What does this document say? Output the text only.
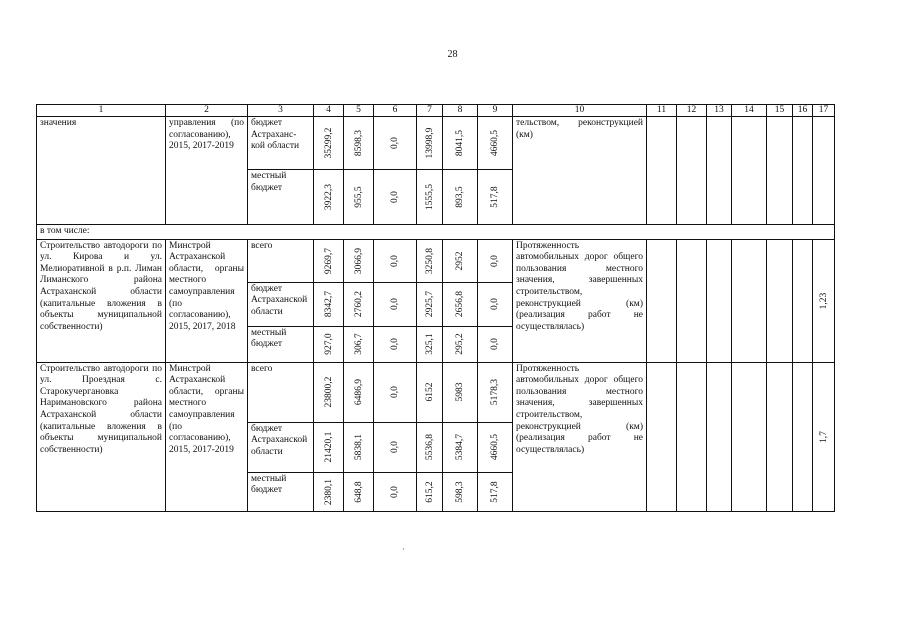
28
1	2	3	4	5	6	7	8	9	10	11	12	13	14	15	16	17
значения	управления (по согласованию), 2015, 2017-2019	бюджет Астраханс-кой области	35299,2	8598,3	0,0	13998,9	8041,5	4660,5	тельством, реконструкцией (км)							
		местный бюджет	3922,3	955,5	0,0	1555,5	893,5	517,8								

в том числе:																
Строительство автодороги по ул. Кирова и ул. Мелиоративной в р.п. Лиман Лиманского района Астраханской области (капитальные вложения в объекты муниципальной собственности)	Минстрой Астраханской области, органы местного самоуправления (по согласованию), 2015, 2017, 2018	всего	9269,7	3066,9	0,0	3250,8	2952	0,0	Протяженность автомобильных дорог общего пользования местного значения, завершенных строительством, реконструкцией (км) (реализация работ не осуществлялась)							1,23

		бюджет Астраханской области	8342,7	2760,2	0,0	2925,7	2656,8	0,0								

		местный бюджет	927,0	306,7	0,0	325,1	295,2	0,0								

Строительство автодороги по ул. Проездная с. Старокучергановка Наримановского района Астраханской области (капитальные вложения в объекты муниципальной собственности)	Минстрой Астраханской области, органы местного самоуправления (по согласованию), 2015, 2017-2019	всего	23800,2	6486,9	0,0	6152	5983	5178,3	Протяженность автомобильных дорог общего пользования местного значения, завершенных строительством, реконструкцией (км) (реализация работ не осуществлялась)							1,7

		бюджет Астраханской области	21420,1	5838,1	0,0	5536,8	5384,7	4660,5								

		местный бюджет	2380,1	648,8	0,0	615,2	598,3	517,8								
·
